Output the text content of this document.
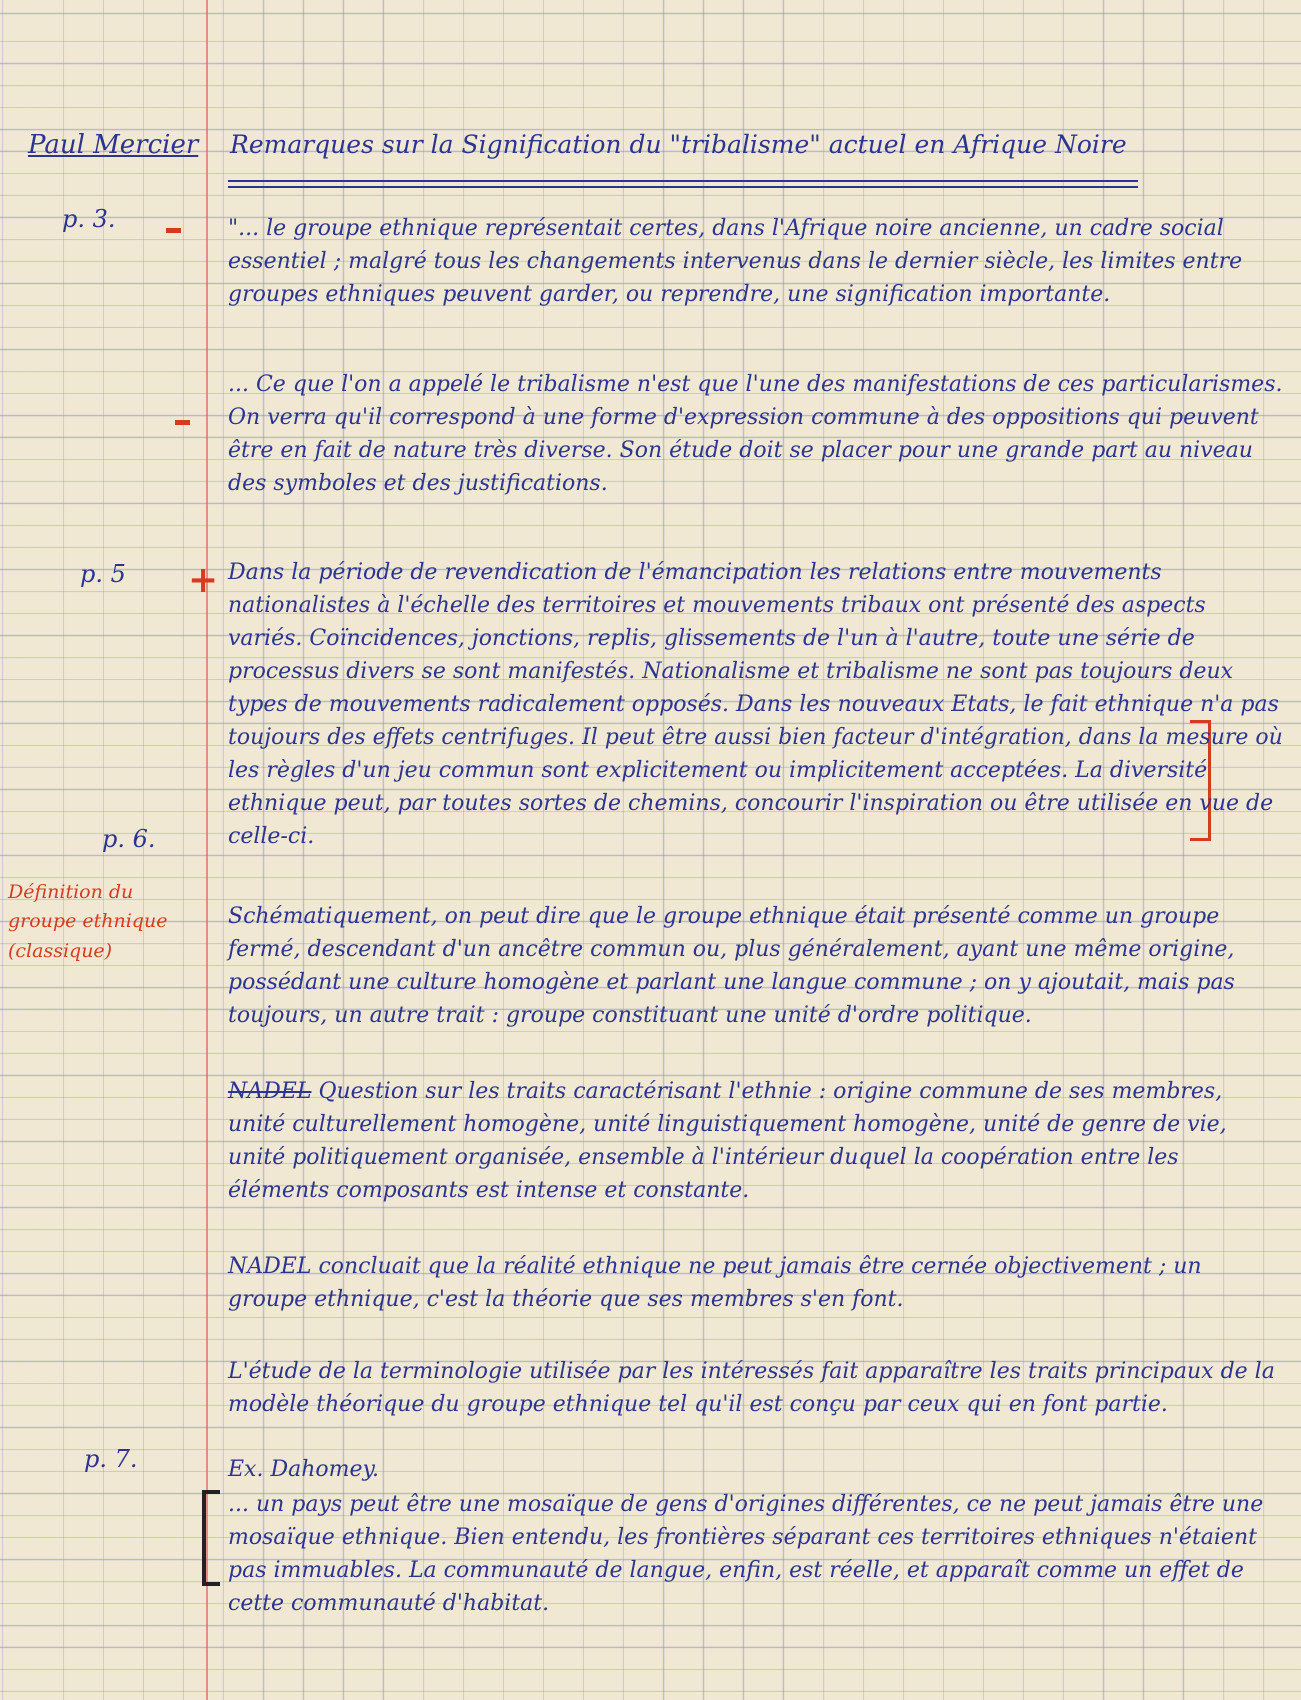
Paul Mercier Remarques sur la Signification du "tribalisme" actuel en Afrique Noire
p. 3.
p. 5 +
p. 6.
Définition du groupe ethnique (classique)
p. 7.
"... le groupe ethnique représentait certes, dans l'Afrique noire ancienne, un cadre social essentiel ; malgré tous les changements intervenus dans le dernier siècle, les limites entre groupes ethniques peuvent garder, ou reprendre, une signification importante.
... Ce que l'on a appelé le tribalisme n'est que l'une des manifestations de ces particularismes. On verra qu'il correspond à une forme d'expression commune à des oppositions qui peuvent être en fait de nature très diverse. Son étude doit se placer pour une grande part au niveau des symboles et des justifications.
Dans la période de revendication de l'émancipation les relations entre mouvements nationalistes à l'échelle des territoires et mouvements tribaux ont présenté des aspects variés. Coïncidences, jonctions, replis, glissements de l'un à l'autre, toute une série de processus divers se sont manifestés. Nationalisme et tribalisme ne sont pas toujours deux types de mouvements radicalement opposés. Dans les nouveaux Etats, le fait ethnique n'a pas toujours des effets centrifuges. Il peut être aussi bien facteur d'intégration, dans la mesure où les règles d'un jeu commun sont explicitement ou implicitement acceptées. La diversité ethnique peut, par toutes sortes de chemins, concourir l'inspiration ou être utilisée en vue de celle-ci.
Schématiquement, on peut dire que le groupe ethnique était présenté comme un groupe fermé, descendant d'un ancêtre commun ou, plus généralement, ayant une même origine, possédant une culture homogène et parlant une langue commune ; on y ajoutait, mais pas toujours, un autre trait : groupe constituant une unité d'ordre politique.
NADEL Question sur les traits caractérisant l'ethnie : origine commune de ses membres, unité culturellement homogène, unité linguistiquement homogène, unité de genre de vie, unité politiquement organisée, ensemble à l'intérieur duquel la coopération entre les éléments composants est intense et constante.
NADEL concluait que la réalité ethnique ne peut jamais être cernée objectivement ; un groupe ethnique, c'est la théorie que ses membres s'en font.
L'étude de la terminologie utilisée par les intéressés fait apparaître les traits principaux de la modèle théorique du groupe ethnique tel qu'il est conçu par ceux qui en font partie.
Ex. Dahomey.
... un pays peut être une mosaïque de gens d'origines différentes, ce ne peut jamais être une mosaïque ethnique. Bien entendu, les frontières séparant ces territoires ethniques n'étaient pas immuables. La communauté de langue, enfin, est réelle, et apparaît comme un effet de cette communauté d'habitat.
